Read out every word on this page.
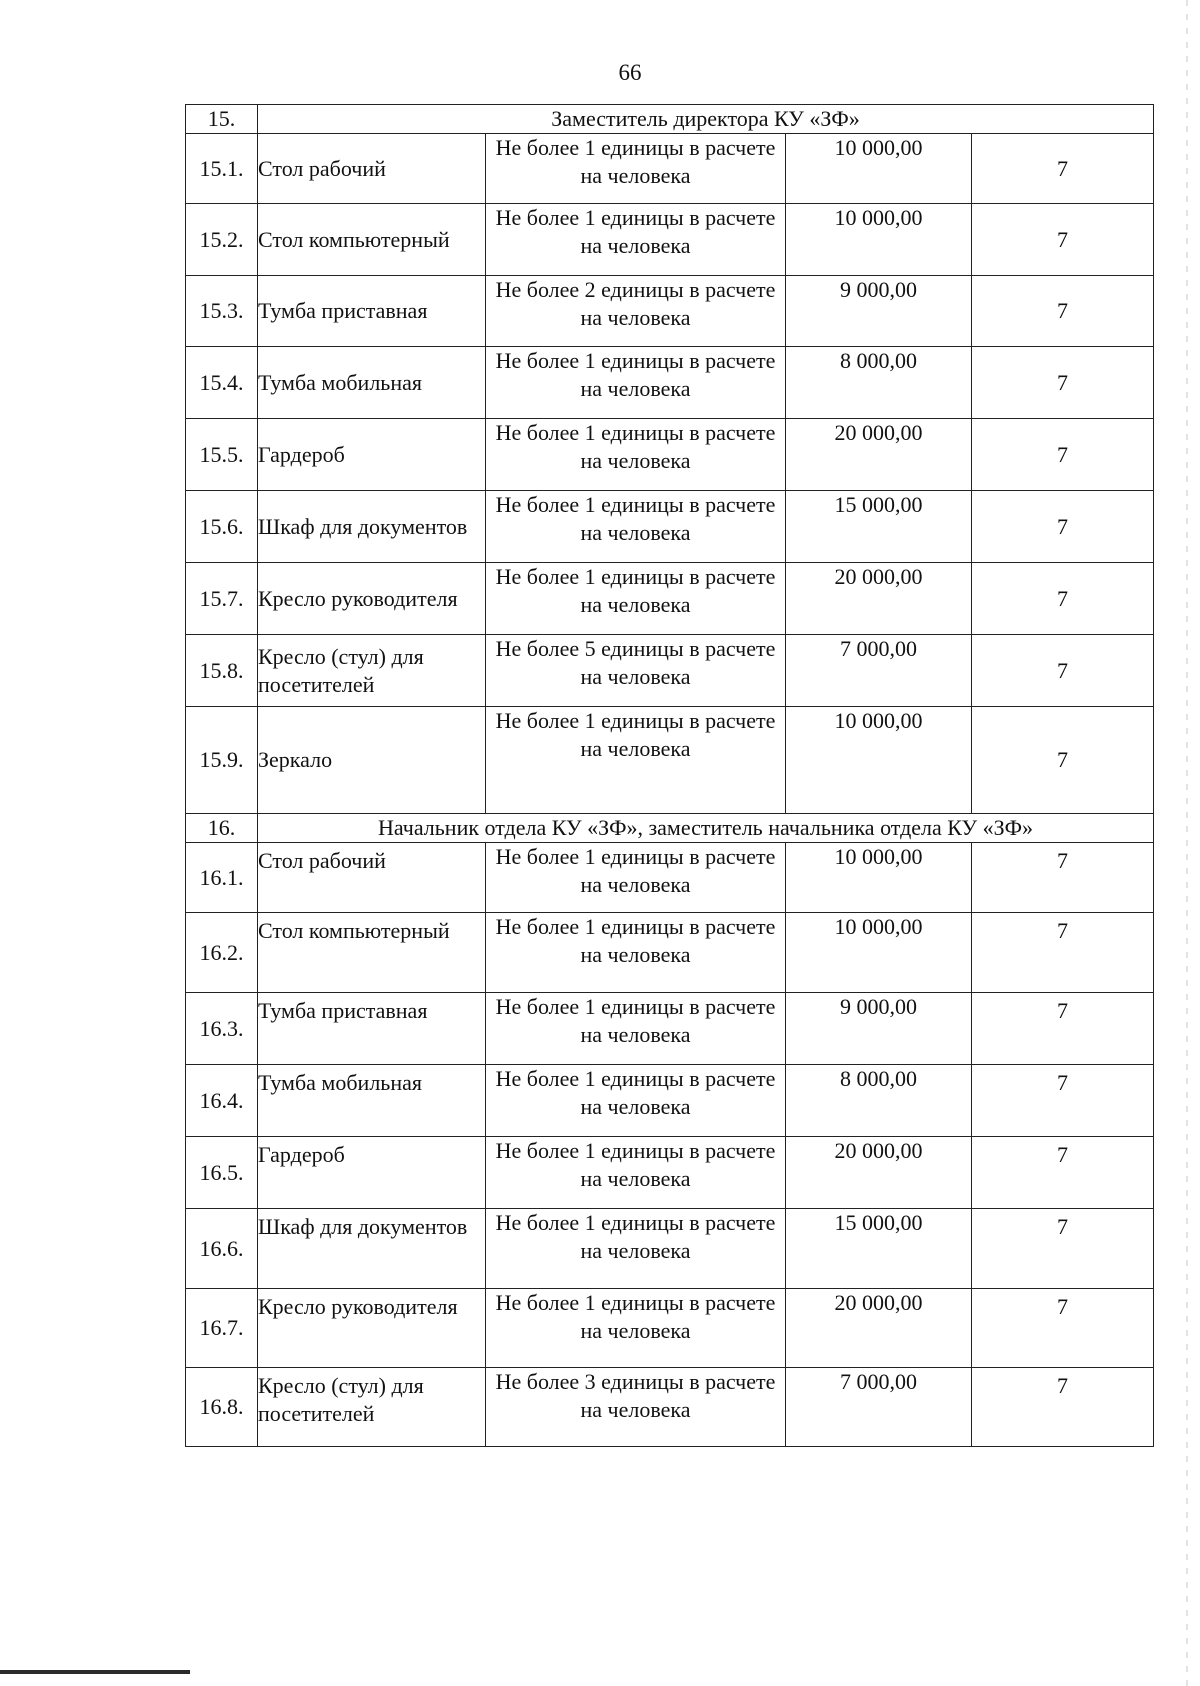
66
15.	Заместитель директора КУ «ЗФ»			
15.1.	Стол рабочий	Не более 1 единицы в расчете на человека	10 000,00	7
15.2.	Стол компьютерный	Не более 1 единицы в расчете на человека	10 000,00	7
15.3.	Тумба приставная	Не более 2 единицы в расчете на человека	9 000,00	7
15.4.	Тумба мобильная	Не более 1 единицы в расчете на человека	8 000,00	7
15.5.	Гардероб	Не более 1 единицы в расчете на человека	20 000,00	7
15.6.	Шкаф для документов	Не более 1 единицы в расчете на человека	15 000,00	7
15.7.	Кресло руководителя	Не более 1 единицы в расчете на человека	20 000,00	7
15.8.	Кресло (стул) для посетителей	Не более 5 единицы в расчете на человека	7 000,00	7
15.9.	Зеркало	Не более 1 единицы в расчете на человека	10 000,00	7
16.	Начальник отдела КУ «ЗФ», заместитель начальника отдела КУ «ЗФ»			
16.1.	Стол рабочий	Не более 1 единицы в расчете на человека	10 000,00	7
16.2.	Стол компьютерный	Не более 1 единицы в расчете на человека	10 000,00	7
16.3.	Тумба приставная	Не более 1 единицы в расчете на человека	9 000,00	7
16.4.	Тумба мобильная	Не более 1 единицы в расчете на человека	8 000,00	7
16.5.	Гардероб	Не более 1 единицы в расчете на человека	20 000,00	7
16.6.	Шкаф для документов	Не более 1 единицы в расчете на человека	15 000,00	7
16.7.	Кресло руководителя	Не более 1 единицы в расчете на человека	20 000,00	7
16.8.	Кресло (стул) для посетителей	Не более 3 единицы в расчете на человека	7 000,00	7
